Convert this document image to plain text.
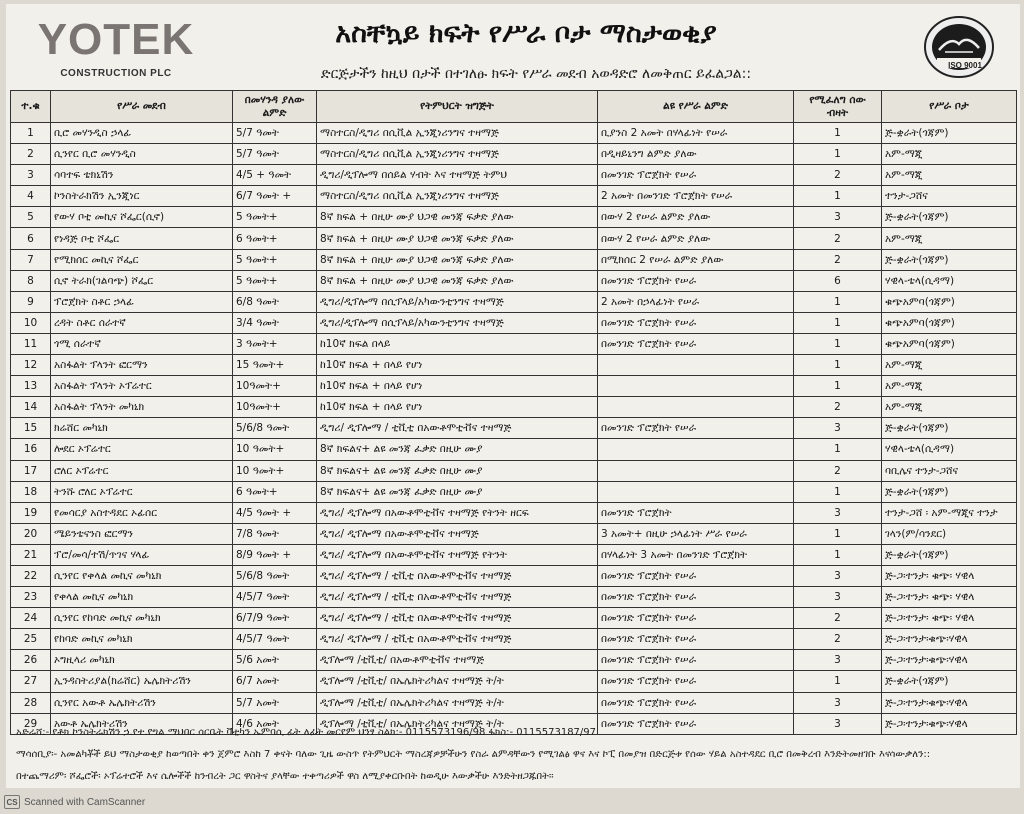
YOTEK
CONSTRUCTION PLC
አስቸኳይ ክፍት የሥራ ቦታ ማስታወቂያ
ድርጅታችን ከዚህ በታች በተገለፁ ክፍት የሥራ መደብ አወዳድሮ ለመቅጠር ይፈልጋል::
ISO 9001
ተ.ቁ	የሥራ መደብ	በመሃንዳ ያለው ልምድ	የትምህርት ዝግጅት	ልዩ የሥራ ልምድ	የሚፈለግ ሰው ብዛት	የሥራ ቦታ
1	ቢሮ መሃንዲስ ኃላፊ	5/7 ዓመት	ማስተርስ/ዲግሪ በሲቪል ኢንጂነሪንግና ተዛማጅ	ቢያንስ 2 አመት በሃላፊነት የሠራ	1	ጅ-ቋራት(ጎጃም)
2	ሲንየር ቢሮ መሃንዲስ	5/7 ዓመት	ማስተርስ/ዲግሪ በሲቪል ኢንጂነሪንግና ተዛማጅ	በዲዛይኒንግ ልምድ ያለው	1	አም-ማጂ
3	ሳባተፍ ቴክኒሽን	4/5 + ዓመት	ዲግሪ/ዲፕሎማ በሰይል ሃብት እና ተዛማጅ ትምህ	በመንገድ ፕሮጀክት የሠራ	2	አም-ማጂ
4	ኮንስትራክሽን ኢንጂነር	6/7 ዓመት +	ማስተርስ/ዲግሪ በሲቪል ኢንጂነሪንግና ተዛማጅ	2 አመት በመንገድ ፕሮጀክት የሠራ	1	ተንታ-ጋሸና
5	የውሃ ቦቲ መኪና ሾፌር(ሲኖ)	5 ዓመት+	8ኛ ክፍል + በዚሁ ሙያ ህጋዊ መንጃ ፍቃድ ያለው	በውሃ 2 የሠራ ልምድ ያለው	3	ጅ-ቋራት(ጎጃም)
6	የነዳጅ ቦቲ ሾፌር	6 ዓመት+	8ኛ ክፍል + በዚሁ ሙያ ህጋዊ መንጃ ፍቃድ ያለው	በውሃ 2 የሠራ ልምድ ያለው	2	አም-ማጂ
7	የሚክሰር መኪና ሾፌር	5 ዓመት+	8ኛ ክፍል + በዚሁ ሙያ ህጋዊ መንጃ ፍቃድ ያለው	በሚክሰር 2 የሠራ ልምድ ያለው	2	ጅ-ቋራት(ጎጃም)
8	ሲኖ ትራክ(ገልባጭ) ሾፌር	5 ዓመት+	8ኛ ክፍል + በዚሁ ሙያ ህጋዊ መንጃ ፍቃድ ያለው	በመንገድ ፕሮጀክት የሠራ	6	ሃዊላ-ቴላ(ሲዳማ)
9	ፕሮጀክት ስቶር ኃላፊ	6/8 ዓመት	ዲግሪ/ዲፕሎማ በሲፕላይ/አካውንቲንግና ተዛማጅ	2 አመት በኃላፊነት የሠራ	1	ቁጭአምባ(ጎጃም)
10	ረዳት ስቶር ሰራተኛ	3/4 ዓመት	ዲግሪ/ዲፕሎማ በሲፕላይ/አካውንቲንግና ተዛማጅ	በመንገድ ፕሮጀክት የሠራ	1	ቁጭአምባ(ጎጃም)
11	ጎሚ ሰራተኛ	3 ዓመት+	ከ10ኛ ክፍል በላይ	በመንገድ ፕሮጀክት የሠራ	1	ቁጭአምባ(ጎጃም)
12	አስፋልት ፕላንት ፎርማን	15 ዓመት+	ከ10ኛ ክፍል + በላይ የሆነ		1	አም-ማጂ
13	አስፋልት ፕላንት ኦፕሬተር	10ዓመት+	ከ10ኛ ክፍል + በላይ የሆነ		1	አም-ማጂ
14	አስፋልት ፕላንት መካኒክ	10ዓመት+	ከ10ኛ ክፍል + በላይ የሆነ		2	አም-ማጂ
15	ክሬሸር መካኒክ	5/6/8 ዓመት	ዲግሪ/ ዲፕሎማ / ቲቪቲ በአውቶሞቲቭና ተዛማጅ	በመንገድ ፕሮጀክት የሠራ	3	ጅ-ቋራት(ጎጃም)
16	ሎደር ኦፕሬተር	10 ዓመት+	8ኛ ክፍልና+ ልዩ መንጃ ፈቃድ በዚሁ ሙያ		1	ሃዊላ-ቴላ(ሲዳማ)
17	ሮለር ኦፕሬተር	10 ዓመት+	8ኛ ክፍልና+ ልዩ መንጃ ፈቃድ በዚሁ ሙያ		2	ባቢሌና ተንታ-ጋሸና
18	ትንሹ ሮለር ኦፕሬተር	6 ዓመት+	8ኛ ክፍልና+ ልዩ መንጃ ፈቃድ በዚሁ ሙያ		1	ጅ-ቋራት(ጎጃም)
19	የመሳርያ አስተዳደር ኦፊሰር	4/5 ዓመት +	ዲግሪ/ ዲፕሎማ በአውቶሞቲቭና ተዛማጅ የትንት ዘርፍ	በመንገድ ፕሮጀክት	3	ተንታ-ጋሸ ፡ አም-ማጂና ተንታ
20	ሜይንቴናንስ ፎርማን	7/8 ዓመት	ዲግሪ/ ዲፕሎማ በአውቶሞቲቭና ተዛማጅ	3 አመት+ በዚሁ ኃላፊነት ሥራ የሠራ	1	ገላን(ም/ሳንደር)
21	ፕሮ/መሳ/ተሽ/ጥገና ሃላፊ	8/9 ዓመት +	ዲግሪ/ ዲፕሎማ በአውቶሞቲቭና ተዛማጅ የትንት	በሃላፊነት 3 አመት በመንገድ ፕሮጀክት	1	ጅ-ቋራት(ጎጃም)
22	ሲንየር የቀላል መኪና መካኒክ	5/6/8 ዓመት	ዲግሪ/ ዲፕሎማ / ቲቪቲ በአውቶሞቲቭና ተዛማጅ	በመንገድ ፕሮጀክት የሠራ	3	ጅ-ጋ፡ተንታ፡ ቁጭ፡ ሃዊላ
23	የቀላል መኪና መካኒክ	4/5/7 ዓመት	ዲግሪ/ ዲፕሎማ / ቲቪቲ በአውቶሞቲቭና ተዛማጅ	በመንገድ ፕሮጀክት የሠራ	3	ጅ-ጋ፡ተንታ፡ ቁጭ፡ ሃዊላ
24	ሲንየር የከባድ መኪና መካኒክ	6/7/9 ዓመት	ዲግሪ/ ዲፕሎማ / ቲቪቲ በአውቶሞቲቭና ተዛማጅ	በመንገድ ፕሮጀክት የሠራ	2	ጅ-ጋ፡ተንታ፡ ቁጭ፡ ሃዊላ
25	የከባድ መኪና መካኒክ	4/5/7 ዓመት	ዲግሪ/ ዲፕሎማ / ቲቪቲ በአውቶሞቲቭና ተዛማጅ	በመንገድ ፕሮጀክት የሠራ	2	ጅ-ጋ፡ተንታ፡ቁጭ፡ሃዊላ
26	ኦግዚላሪ መካኒክ	5/6 አመት	ዲፕሎማ /ቲቪቲ/ በአውቶሞቲቭና ተዛማጅ	በመንገድ ፕሮጀክት የሠራ	3	ጅ-ጋ፡ተንታ፡ቁጭ፡ሃዊላ
27	ኢንዳስትሪያል(ክሬሸር) ኤሌክትሪሽን	6/7 አመት	ዲፕሎማ /ቲቪቲ/ በኤሌክትሪካልና ተዛማጅ ት/ት	በመንገድ ፕሮጀክት የሠራ	1	ጅ-ቋራት(ጎጃም)
28	ሲንየር አውቶ ኤሌክትሪሽን	5/7 አመት	ዲፕሎማ /ቲቪቲ/ በኤሌክትሪካልና ተዛማጅ ት/ት	በመንገድ ፕሮጀክት የሠራ	3	ጅ-ጋ፡ተንታ፡ቁጭ፡ሃዊላ
29	አውቶ ኤሌክትሪሽን	4/6 አመት	ዲፕሎማ /ቲቪቲ/ በኤሌክትሪካልና ተዛማጅ ት/ት	በመንገድ ፕሮጀክት የሠራ	3	ጅ-ጋ፡ተንታ፡ቁጭ፡ሃዊላ

አድራሻ:- የቶክ ኮንስትራክሽን ኃ.የተ.የግል ማህበር ሳርቤት ቫቲካን ኤምባሲ ፊት ለፊት መርየም ህንፃ ስልክ:- 0115573196/98 ፋክስ:- 0115573187/97

ማሳሰቢያ፡- አመልካቾች ይህ ማስታወቂያ ከወጣበት ቀን ጀምሮ እስከ 7 ቀናት ባለው ጊዜ ውስጥ የትምህርት ማስረጃዎቻችሁን የስራ ልምዳቸውን የሚገልፅ ዋና እና ኮፒ በመያዝ በድርጅቱ የሰው ሃይል አስተዳደር ቢሮ በመቅረብ እንድትመዘገቡ እናሳውቃለን::

በተጨማሪም፡ ሾፌሮች፡ ኦፕሬተሮች እና ሴሎችች ከንብረት ጋር ዋስትና ያላቸው ተቀጣሪዎች ዋስ ለሚያቀርቡበት ከወዲሁ እውቃችሁ እንድትዘጋጁበት፡፡

CS Scanned with CamScanner
